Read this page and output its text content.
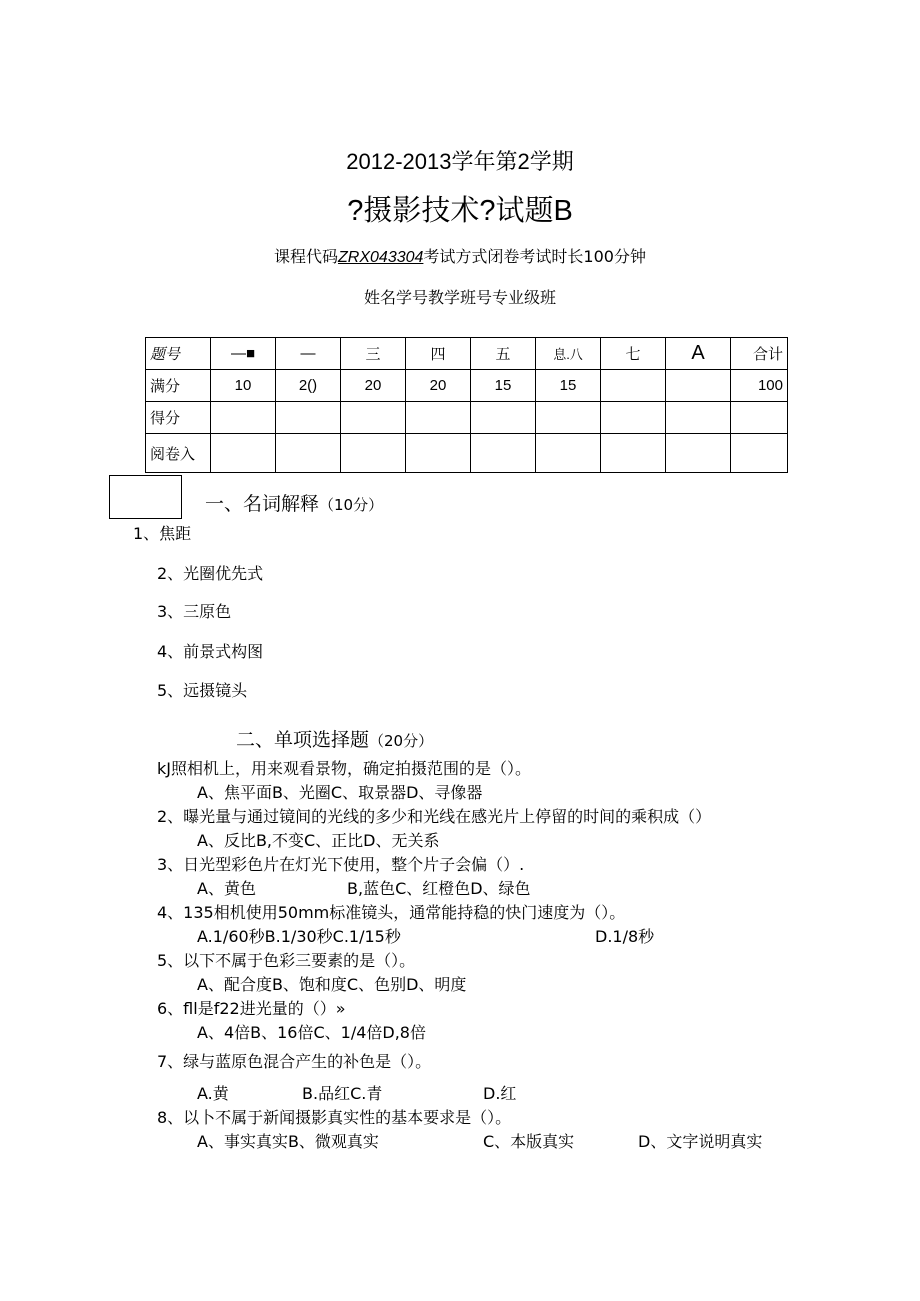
2012-2013学年第2学期
?摄影技术?试题B
课程代码ZRX043304考试方式闭卷考试时长100分钟
姓名学号教学班号专业级班
题号	—■	—	三	四	五	息.八	七	A	合计
满分	10	2()	20	20	15	15			100
得分									
阅卷入									
一、名词解释（10分）
1、焦距
2、光圈优先式
3、三原色
4、前景式构图
5、远摄镜头
二、单项选择题（20分）
kJ照相机上，用来观看景物，确定拍摄范围的是（）。
A、焦平面B、光圈C、取景器D、寻像器
2、曝光量与通过镜间的光线的多少和光线在感光片上停留的时间的乘积成（）
A、反比B,不变C、正比D、无关系
3、日光型彩色片在灯光下使用，整个片子会偏（）.
A、黄色	B,蓝色C、红橙色D、绿色
4、135相机使用50mm标准镜头，通常能持稳的快门速度为（）。
A.1/60秒B.1/30秒C.1/15秒	D.1/8秒
5、以下不属于色彩三要素的是（）。
A、配合度B、饱和度C、色别D、明度
6、fll是f22进光量的（）»
A、4倍B、16倍C、1/4倍D,8倍
7、绿与蓝原色混合产生的补色是（）。
A.黄	B.品红C.青	D.红
8、以卜不属于新闻摄影真实性的基本要求是（）。
A、事实真实B、微观真实	C、本版真实	D、文字说明真实
